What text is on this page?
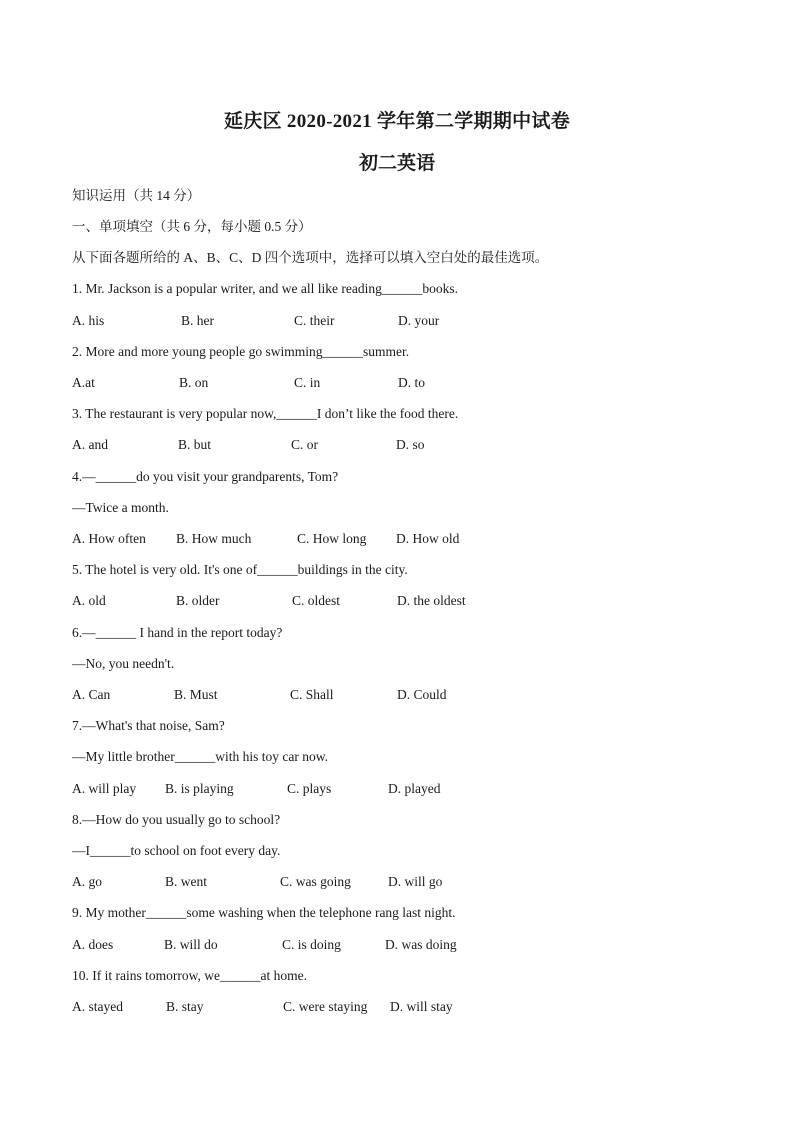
延庆区 2020-2021 学年第二学期期中试卷
初二英语
知识运用（共 14 分）
一、单项填空（共 6 分，每小题 0.5 分）
从下面各题所给的 A、B、C、D 四个选项中，选择可以填入空白处的最佳选项。
1. Mr. Jackson is a popular writer, and we all like reading______books.
A. his	B. her	C. their	D. your
2. More and more young people go swimming______summer.
A.at	B. on	C. in	D. to
3. The restaurant is very popular now,______I don’t like the food there.
A. and	B. but	C. or	D. so
4.—______do you visit your grandparents, Tom?
—Twice a month.
A. How often B. How much	C. How long D. How old
5. The hotel is very old. It's one of______buildings in the city.
A. old	B. older	C. oldest	D. the oldest
6.—______ I hand in the report today?
—No, you needn't.
A. Can	B. Must	C. Shall	D. Could
7.—What's that noise, Sam?
—My little brother______with his toy car now.
A. will play B. is playing	C. plays	D. played
8.—How do you usually go to school?
—I______to school on foot every day.
A. go	B. went	C. was going	D. will go
9. My mother______some washing when the telephone rang last night.
A. does	B. will do	C. is doing	D. was doing
10. If it rains tomorrow, we______at home.
A. stayed	B. stay	C. were staying D. will stay
